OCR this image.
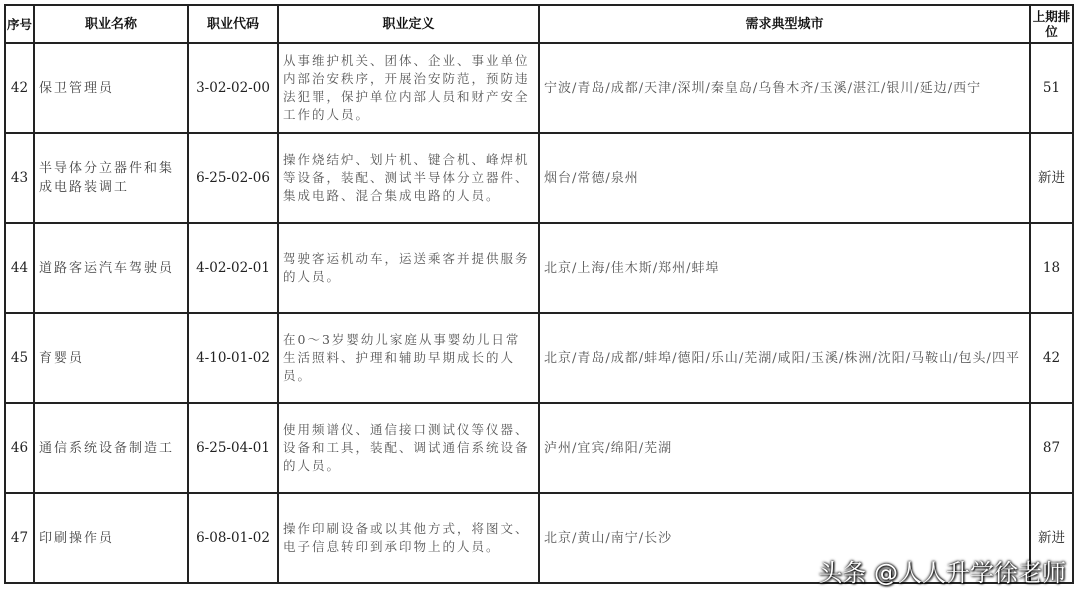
序号	职业名称	职业代码	职业定义	需求典型城市	上期排位
42	保卫管理员	3-02-02-00	从事维护机关、团体、企业、事业单位内部治安秩序，开展治安防范，预防违法犯罪，保护单位内部人员和财产安全工作的人员。	宁波/青岛/成都/天津/深圳/秦皇岛/乌鲁木齐/玉溪/湛江/银川/延边/西宁	51
43	半导体分立器件和集成电路装调工	6-25-02-06	操作烧结炉、划片机、键合机、峰焊机等设备，装配、测试半导体分立器件、集成电路、混合集成电路的人员。	烟台/常德/泉州	新进
44	道路客运汽车驾驶员	4-02-02-01	驾驶客运机动车，运送乘客并提供服务的人员。	北京/上海/佳木斯/郑州/蚌埠	18
45	育婴员	4-10-01-02	在0～3岁婴幼儿家庭从事婴幼儿日常生活照料、护理和辅助早期成长的人员。	北京/青岛/成都/蚌埠/德阳/乐山/芜湖/咸阳/玉溪/株洲/沈阳/马鞍山/包头/四平	42
46	通信系统设备制造工	6-25-04-01	使用频谱仪、通信接口测试仪等仪器、设备和工具，装配、调试通信系统设备的人员。	泸州/宜宾/绵阳/芜湖	87
47	印刷操作员	6-08-01-02	操作印刷设备或以其他方式，将图文、电子信息转印到承印物上的人员。	北京/黄山/南宁/长沙	新进
头条 @人人升学徐老师
